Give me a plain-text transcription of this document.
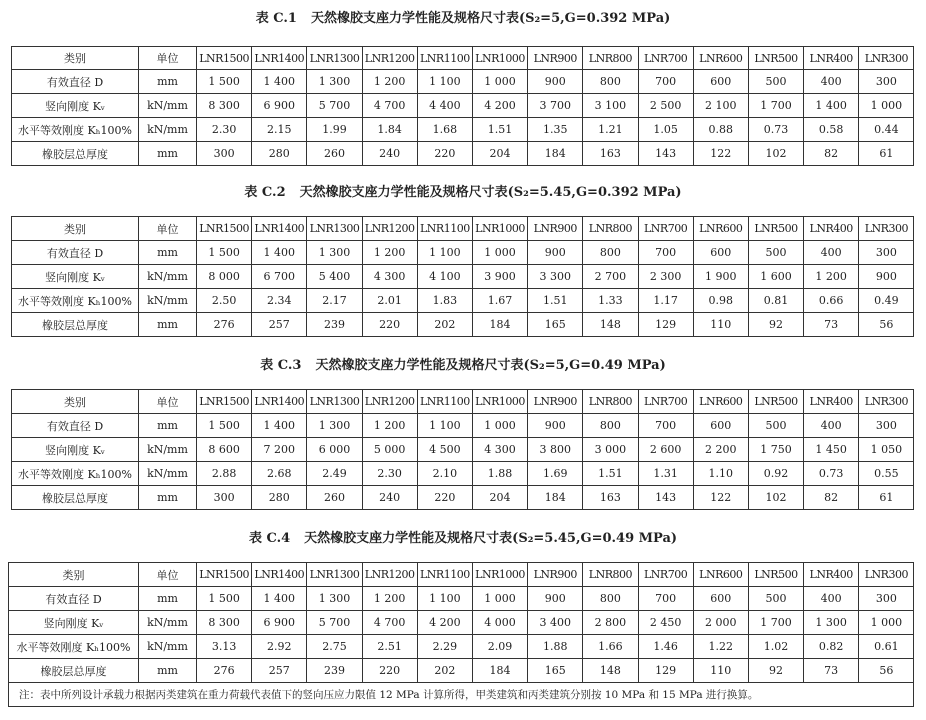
表 C.1 天然橡胶支座力学性能及规格尺寸表(S₂=5,G=0.392 MPa)
类别	单位	LNR1500	LNR1400	LNR1300	LNR1200	LNR1100	LNR1000	LNR900	LNR800	LNR700	LNR600	LNR500	LNR400	LNR300
有效直径 D	mm	1 500	1 400	1 300	1 200	1 100	1 000	900	800	700	600	500	400	300
竖向刚度 Kᵥ	kN/mm	8 300	6 900	5 700	4 700	4 400	4 200	3 700	3 100	2 500	2 100	1 700	1 400	1 000
水平等效刚度 Kₕ100%	kN/mm	2.30	2.15	1.99	1.84	1.68	1.51	1.35	1.21	1.05	0.88	0.73	0.58	0.44
橡胶层总厚度	mm	300	280	260	240	220	204	184	163	143	122	102	82	61
表 C.2 天然橡胶支座力学性能及规格尺寸表(S₂=5.45,G=0.392 MPa)
类别	单位	LNR1500	LNR1400	LNR1300	LNR1200	LNR1100	LNR1000	LNR900	LNR800	LNR700	LNR600	LNR500	LNR400	LNR300
有效直径 D	mm	1 500	1 400	1 300	1 200	1 100	1 000	900	800	700	600	500	400	300
竖向刚度 Kᵥ	kN/mm	8 000	6 700	5 400	4 300	4 100	3 900	3 300	2 700	2 300	1 900	1 600	1 200	900
水平等效刚度 Kₕ100%	kN/mm	2.50	2.34	2.17	2.01	1.83	1.67	1.51	1.33	1.17	0.98	0.81	0.66	0.49
橡胶层总厚度	mm	276	257	239	220	202	184	165	148	129	110	92	73	56
表 C.3 天然橡胶支座力学性能及规格尺寸表(S₂=5,G=0.49 MPa)
类别	单位	LNR1500	LNR1400	LNR1300	LNR1200	LNR1100	LNR1000	LNR900	LNR800	LNR700	LNR600	LNR500	LNR400	LNR300
有效直径 D	mm	1 500	1 400	1 300	1 200	1 100	1 000	900	800	700	600	500	400	300
竖向刚度 Kᵥ	kN/mm	8 600	7 200	6 000	5 000	4 500	4 300	3 800	3 000	2 600	2 200	1 750	1 450	1 050
水平等效刚度 Kₕ100%	kN/mm	2.88	2.68	2.49	2.30	2.10	1.88	1.69	1.51	1.31	1.10	0.92	0.73	0.55
橡胶层总厚度	mm	300	280	260	240	220	204	184	163	143	122	102	82	61
表 C.4 天然橡胶支座力学性能及规格尺寸表(S₂=5.45,G=0.49 MPa)
类别	单位	LNR1500	LNR1400	LNR1300	LNR1200	LNR1100	LNR1000	LNR900	LNR800	LNR700	LNR600	LNR500	LNR400	LNR300
有效直径 D	mm	1 500	1 400	1 300	1 200	1 100	1 000	900	800	700	600	500	400	300
竖向刚度 Kᵥ	kN/mm	8 300	6 900	5 700	4 700	4 200	4 000	3 400	2 800	2 450	2 000	1 700	1 300	1 000
水平等效刚度 Kₕ100%	kN/mm	3.13	2.92	2.75	2.51	2.29	2.09	1.88	1.66	1.46	1.22	1.02	0.82	0.61
橡胶层总厚度	mm	276	257	239	220	202	184	165	148	129	110	92	73	56
注：表中所列设计承载力根据丙类建筑在重力荷载代表值下的竖向压应力限值 12 MPa 计算所得，甲类建筑和丙类建筑分别按 10 MPa 和 15 MPa 进行换算。														
